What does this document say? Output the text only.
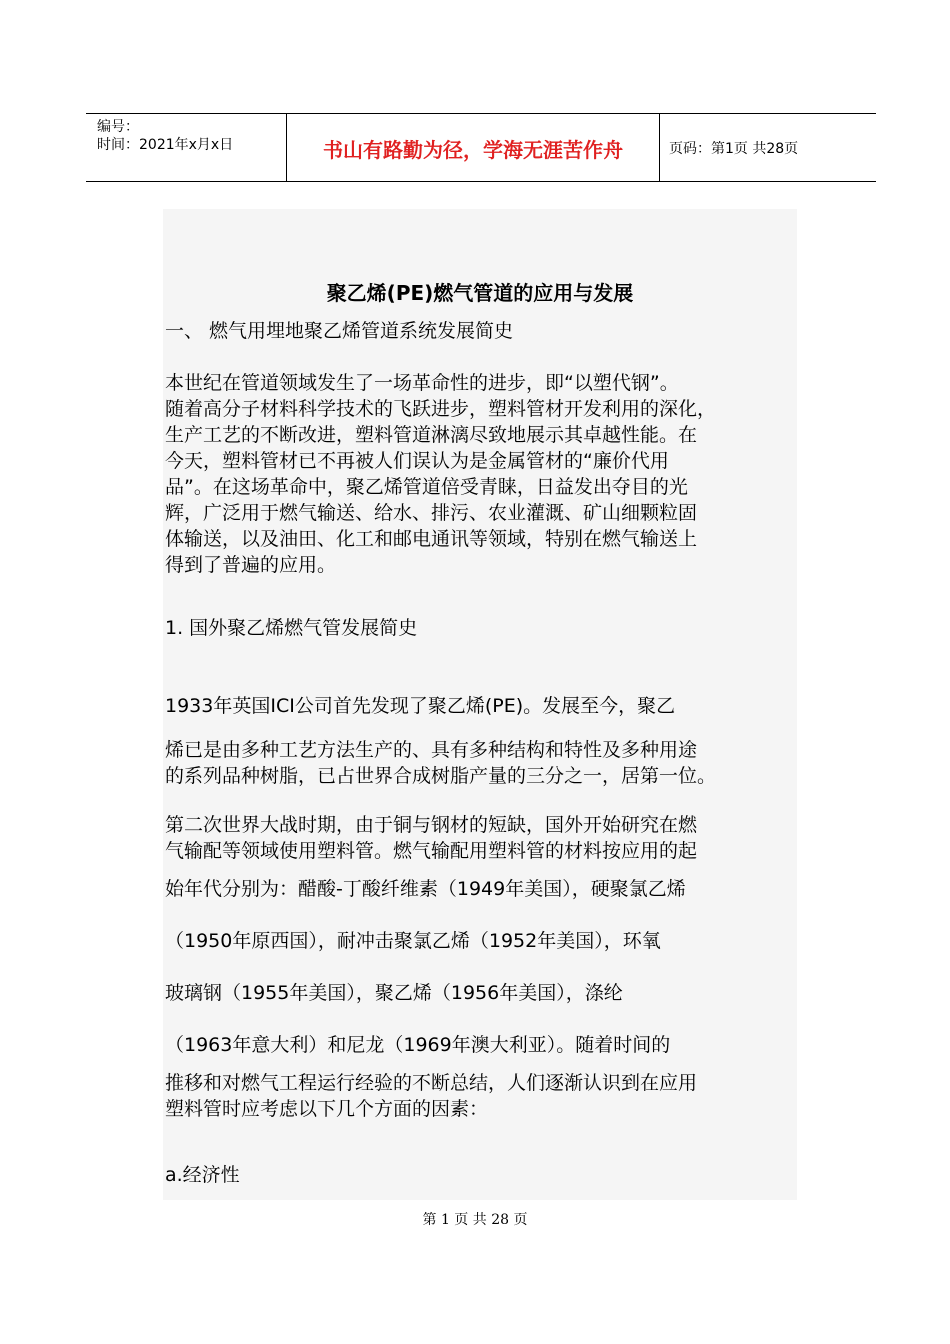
编号：
时间：2021年x月x日	书山有路勤为径，学海无涯苦作舟	页码：第1页 共28页
聚乙烯(PE)燃气管道的应用与发展
一、 燃气用埋地聚乙烯管道系统发展简史
本世纪在管道领域发生了一场革命性的进步，即“以塑代钢”。
随着高分子材料科学技术的飞跃进步，塑料管材开发利用的深化，
生产工艺的不断改进，塑料管道淋漓尽致地展示其卓越性能。在
今天，塑料管材已不再被人们误认为是金属管材的“廉价代用
品”。在这场革命中，聚乙烯管道倍受青睐，日益发出夺目的光
辉，广泛用于燃气输送、给水、排污、农业灌溉、矿山细颗粒固
体输送，以及油田、化工和邮电通讯等领域，特别在燃气输送上
得到了普遍的应用。
1. 国外聚乙烯燃气管发展简史
1933年英国ICI公司首先发现了聚乙烯(PE)。发展至今，聚乙
烯已是由多种工艺方法生产的、具有多种结构和特性及多种用途
的系列品种树脂，已占世界合成树脂产量的三分之一，居第一位。
第二次世界大战时期，由于铜与钢材的短缺，国外开始研究在燃
气输配等领域使用塑料管。燃气输配用塑料管的材料按应用的起
始年代分别为：醋酸-丁酸纤维素（1949年美国），硬聚氯乙烯
（1950年原西国），耐冲击聚氯乙烯（1952年美国），环氧
玻璃钢（1955年美国），聚乙烯（1956年美国），涤纶
（1963年意大利）和尼龙（1969年澳大利亚）。随着时间的
推移和对燃气工程运行经验的不断总结，人们逐渐认识到在应用
塑料管时应考虑以下几个方面的因素：
a.经济性
第 1 页 共 28 页
